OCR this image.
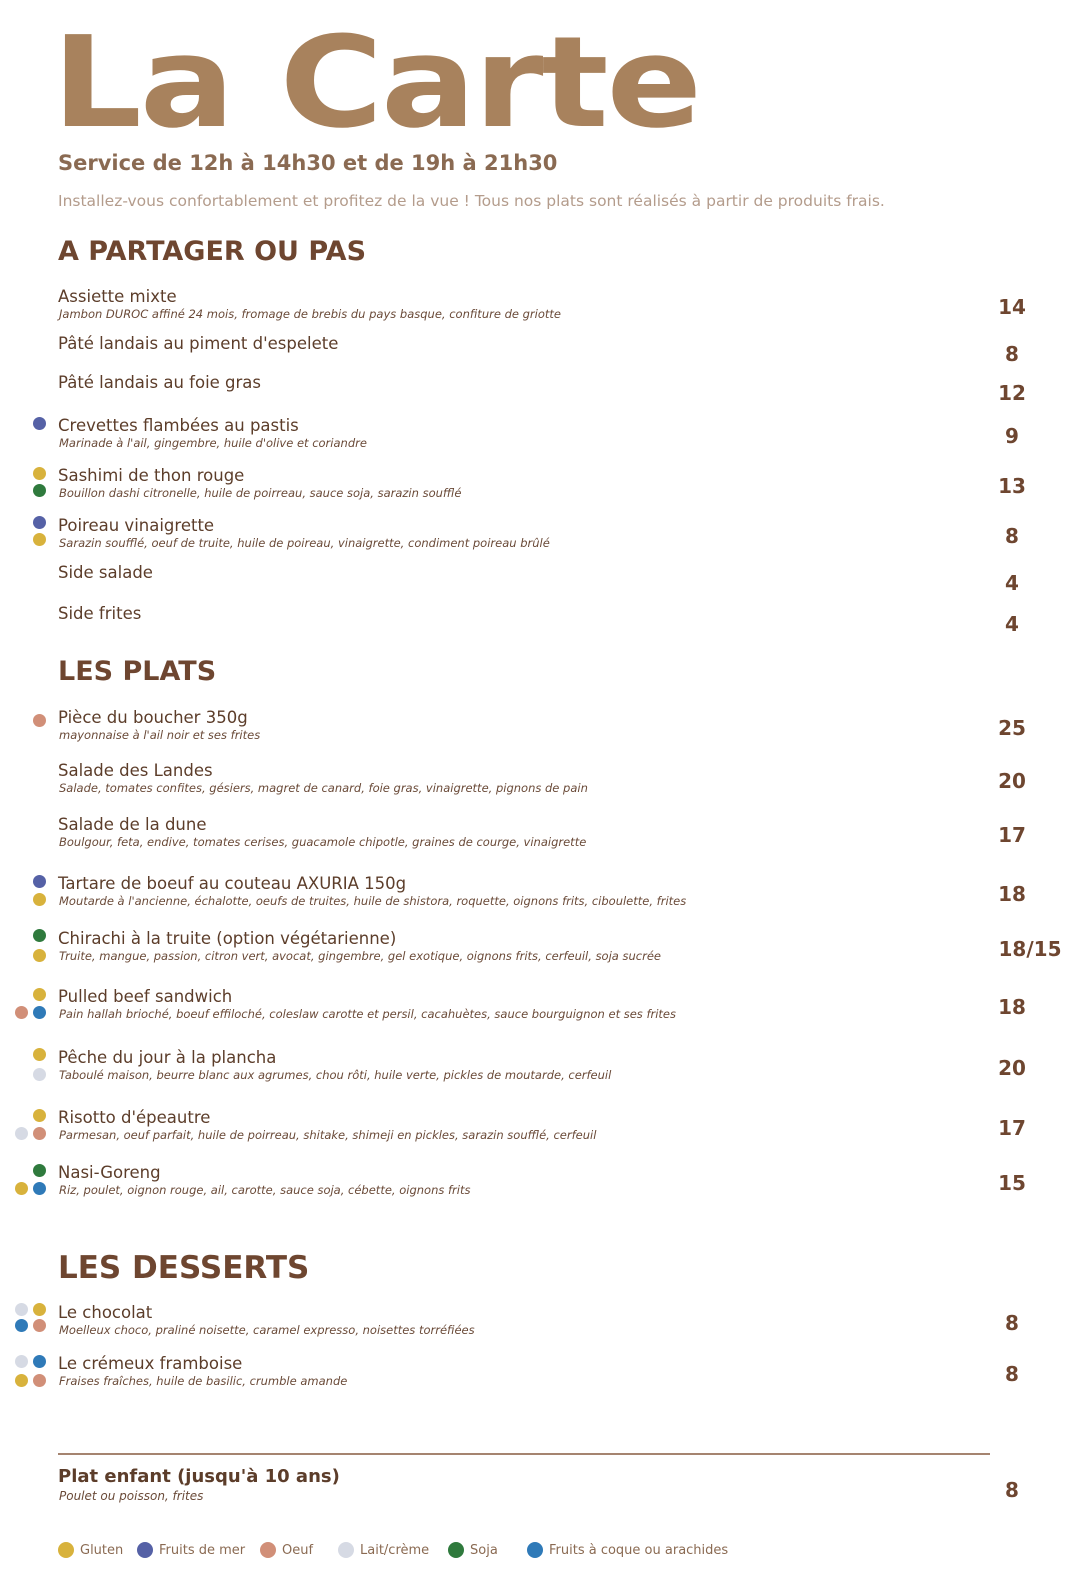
La Carte
Service de 12h à 14h30 et de 19h à 21h30
Installez-vous confortablement et profitez de la vue ! Tous nos plats sont réalisés à partir de produits frais.
A PARTAGER OU PAS
Assiette mixte
Jambon DUROC affiné 24 mois, fromage de brebis du pays basque, confiture de griotte	14
Pâté landais au piment d'espelete	8
Pâté landais au foie gras	12
Crevettes flambées au pastis
Marinade à l'ail, gingembre, huile d'olive et coriandre	9
Sashimi de thon rouge
Bouillon dashi citronelle, huile de poirreau, sauce soja, sarazin soufflé	13
Poireau vinaigrette
Sarazin soufflé, oeuf de truite, huile de poireau, vinaigrette, condiment poireau brûlé	8
Side salade	4
Side frites	4
LES PLATS
Pièce du boucher 350g
mayonnaise à l'ail noir et ses frites	25
Salade des Landes
Salade, tomates confites, gésiers, magret de canard, foie gras, vinaigrette, pignons de pain	20
Salade de la dune
Boulgour, feta, endive, tomates cerises, guacamole chipotle, graines de courge, vinaigrette	17
Tartare de boeuf au couteau AXURIA 150g
Moutarde à l'ancienne, échalotte, oeufs de truites, huile de shistora, roquette, oignons frits, ciboulette, frites	18
Chirachi à la truite (option végétarienne)
Truite, mangue, passion, citron vert, avocat, gingembre, gel exotique, oignons frits, cerfeuil, soja sucrée	18/15
Pulled beef sandwich
Pain hallah brioché, boeuf effiloché, coleslaw carotte et persil, cacahuètes, sauce bourguignon et ses frites	18
Pêche du jour à la plancha
Taboulé maison, beurre blanc aux agrumes, chou rôti, huile verte, pickles de moutarde, cerfeuil	20
Risotto d'épeautre
Parmesan, oeuf parfait, huile de poirreau, shitake, shimeji en pickles, sarazin soufflé, cerfeuil	17
Nasi-Goreng
Riz, poulet, oignon rouge, ail, carotte, sauce soja, cébette, oignons frits	15
LES DESSERTS
Le chocolat
Moelleux choco, praliné noisette, caramel expresso, noisettes torréfiées	8
Le crémeux framboise
Fraises fraîches, huile de basilic, crumble amande	8
Plat enfant (jusqu'à 10 ans)
Poulet ou poisson, frites	8
Gluten	Fruits de mer	Oeuf	Lait/crème	Soja	Fruits à coque ou arachides
